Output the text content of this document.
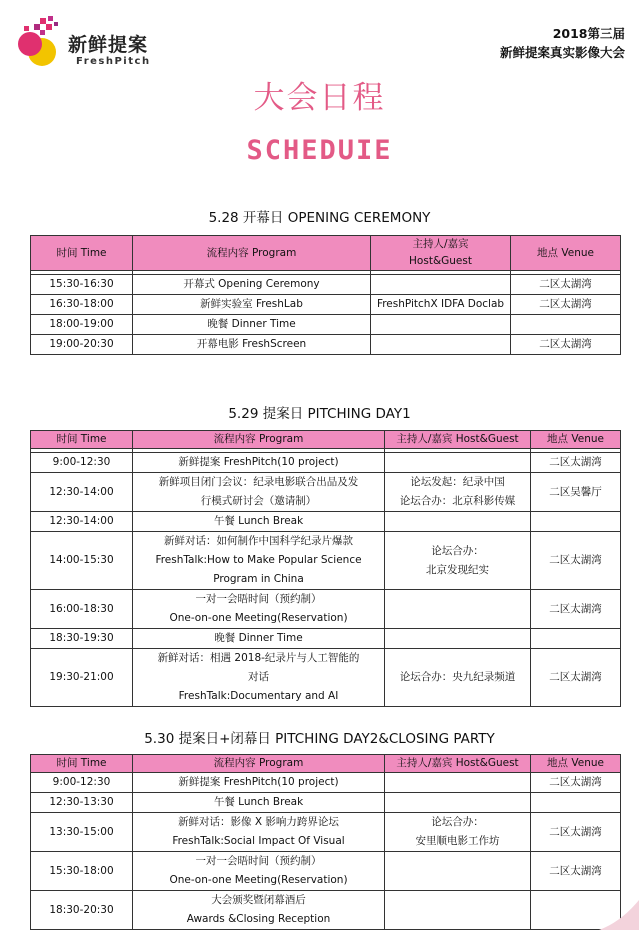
新鲜提案
FreshPitch
2018第三届
新鲜提案真实影像大会
大会日程
SCHEDUIE
5.28 开幕日 OPENING CEREMONY
时间 Time	流程内容 Program	主持人/嘉宾
Host&Guest	地点 Venue

15:30-16:30	开幕式 Opening Ceremony		二区太湖湾
16:30-18:00	新鲜实验室 FreshLab	FreshPitchX IDFA Doclab	二区太湖湾
18:00-19:00	晚餐 Dinner Time		

19:00-20:30	开幕电影 FreshScreen		二区太湖湾
5.29 提案日 PITCHING DAY1
时间 Time	流程内容 Program	主持人/嘉宾 Host&Guest	地点 Venue

9:00-12:30	新鲜提案 FreshPitch(10 project)		二区太湖湾
12:30-14:00	新鲜项目闭门会议：纪录电影联合出品及发
行模式研讨会（邀请制）	论坛发起：纪录中国
论坛合办：北京科影传媒	二区吴馨厅
12:30-14:00	午餐 Lunch Break		

14:00-15:30	新鲜对话：如何制作中国科学纪录片爆款
FreshTalk:How to Make Popular Science
Program in China	论坛合办：
北京发现纪实	二区太湖湾
16:00-18:30	一对一会晤时间（预约制）
One-on-one Meeting(Reservation)		二区太湖湾
18:30-19:30	晚餐 Dinner Time		

19:30-21:00	新鲜对话：相遇 2018-纪录片与人工智能的
对话
FreshTalk:Documentary and AI	论坛合办：央九纪录频道	二区太湖湾
5.30 提案日+闭幕日 PITCHING DAY2&CLOSING PARTY
时间 Time	流程内容 Program	主持人/嘉宾 Host&Guest	地点 Venue
9:00-12:30	新鲜提案 FreshPitch(10 project)		二区太湖湾
12:30-13:30	午餐 Lunch Break		

13:30-15:00	新鲜对话：影像 X 影响力跨界论坛
FreshTalk:Social Impact Of Visual	论坛合办：
安里顺电影工作坊	二区太湖湾
15:30-18:00	一对一会晤时间（预约制）
One-on-one Meeting(Reservation)		二区太湖湾
18:30-20:30	大会颁奖暨闭幕酒后
Awards &Closing Reception		
